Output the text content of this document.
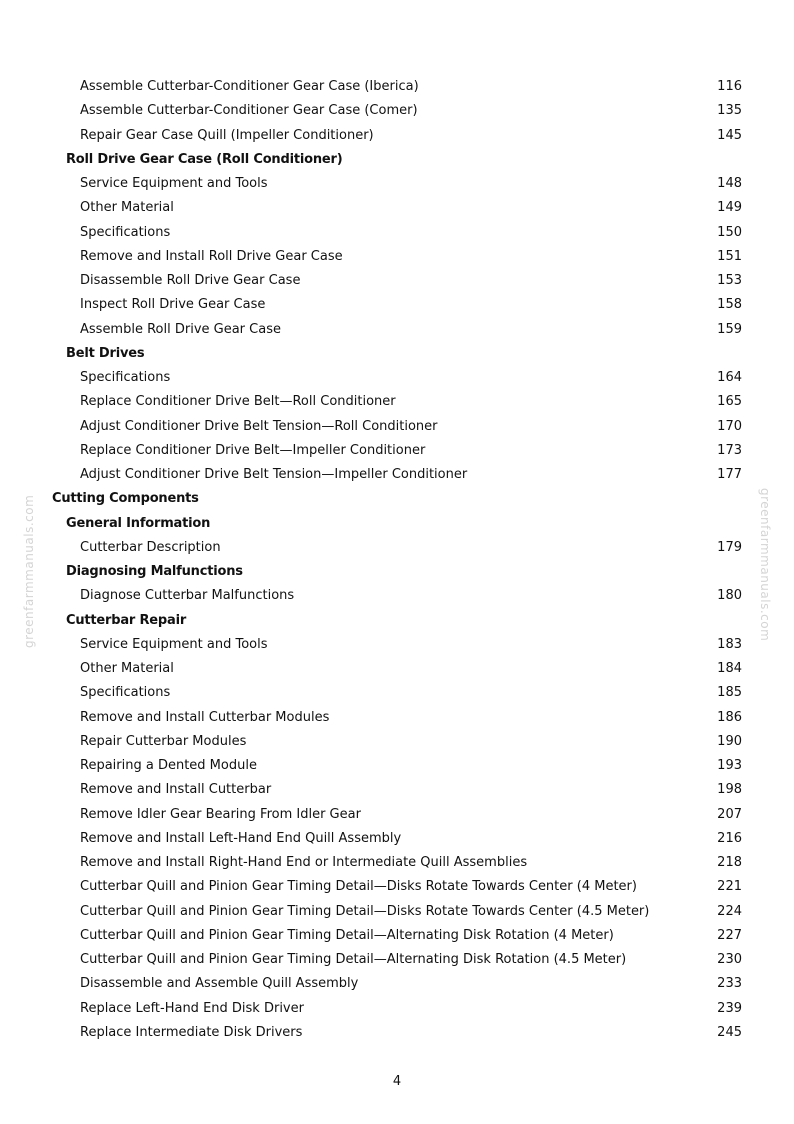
greenfarmmanuals.com	greenfarmmanuals.com
Assemble Cutterbar-Conditioner Gear Case (Iberica)	116
Assemble Cutterbar-Conditioner Gear Case (Comer)	135
Repair Gear Case Quill (Impeller Conditioner)	145
Roll Drive Gear Case (Roll Conditioner)
Service Equipment and Tools	148
Other Material	149
Specifications	150
Remove and Install Roll Drive Gear Case	151
Disassemble Roll Drive Gear Case	153
Inspect Roll Drive Gear Case	158
Assemble Roll Drive Gear Case	159
Belt Drives
Specifications	164
Replace Conditioner Drive Belt—Roll Conditioner	165
Adjust Conditioner Drive Belt Tension—Roll Conditioner	170
Replace Conditioner Drive Belt—Impeller Conditioner	173
Adjust Conditioner Drive Belt Tension—Impeller Conditioner	177
Cutting Components
General Information
Cutterbar Description	179
Diagnosing Malfunctions
Diagnose Cutterbar Malfunctions	180
Cutterbar Repair
Service Equipment and Tools	183
Other Material	184
Specifications	185
Remove and Install Cutterbar Modules	186
Repair Cutterbar Modules	190
Repairing a Dented Module	193
Remove and Install Cutterbar	198
Remove Idler Gear Bearing From Idler Gear	207
Remove and Install Left-Hand End Quill Assembly	216
Remove and Install Right-Hand End or Intermediate Quill Assemblies	218
Cutterbar Quill and Pinion Gear Timing Detail—Disks Rotate Towards Center (4 Meter)	221
Cutterbar Quill and Pinion Gear Timing Detail—Disks Rotate Towards Center (4.5 Meter)	224
Cutterbar Quill and Pinion Gear Timing Detail—Alternating Disk Rotation (4 Meter)	227
Cutterbar Quill and Pinion Gear Timing Detail—Alternating Disk Rotation (4.5 Meter)	230
Disassemble and Assemble Quill Assembly	233
Replace Left-Hand End Disk Driver	239
Replace Intermediate Disk Drivers	245
4
